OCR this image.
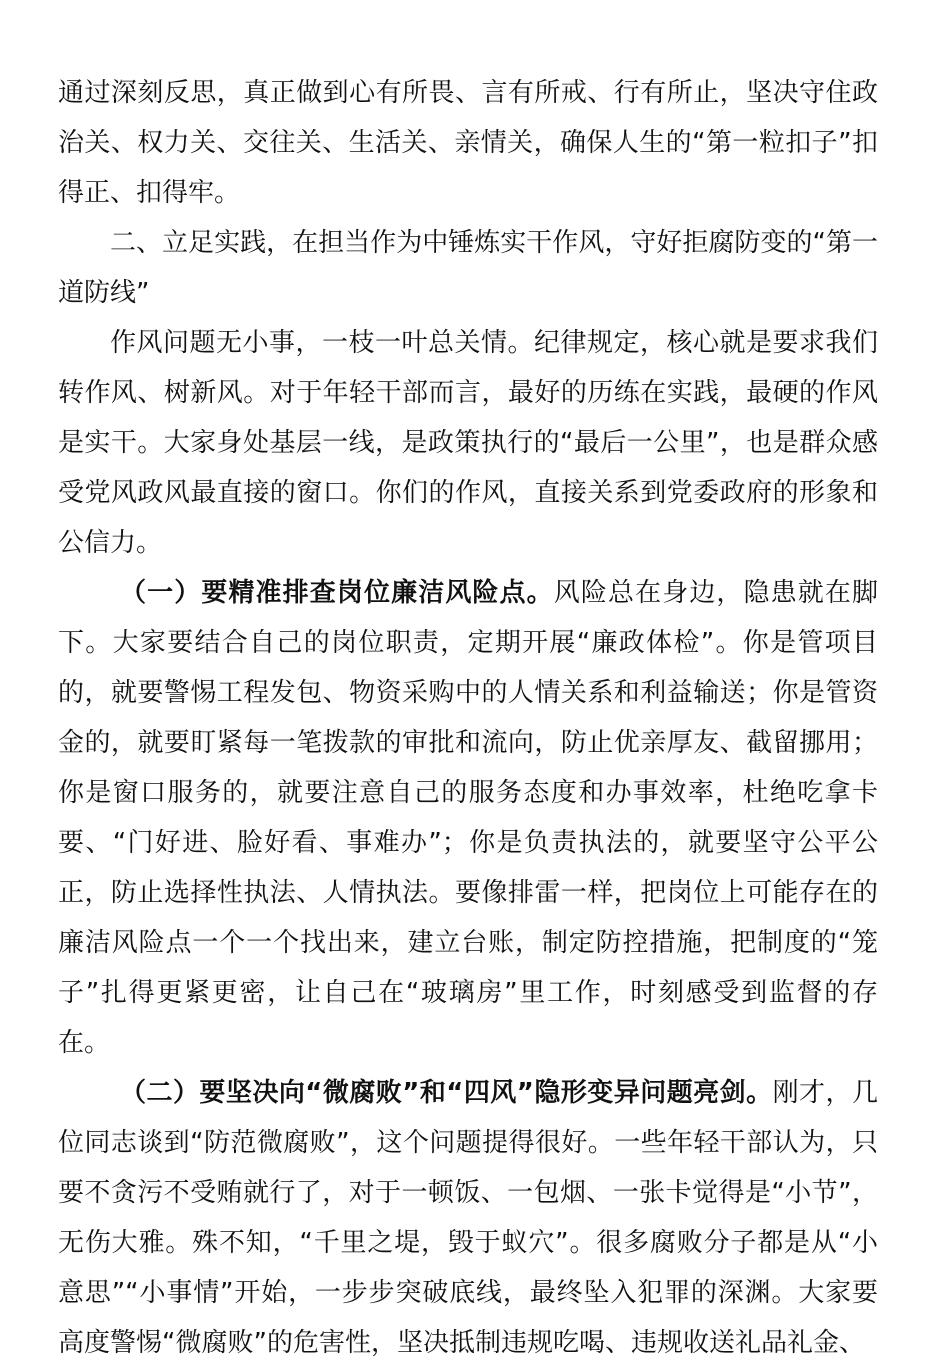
通过深刻反思，真正做到心有所畏、言有所戒、行有所止，坚决守住政治关、权力关、交往关、生活关、亲情关，确保人生的“第一粒扣子”扣得正、扣得牢。

二、立足实践，在担当作为中锤炼实干作风，守好拒腐防变的“第一道防线”

作风问题无小事，一枝一叶总关情。纪律规定，核心就是要求我们转作风、树新风。对于年轻干部而言，最好的历练在实践，最硬的作风是实干。大家身处基层一线，是政策执行的“最后一公里”，也是群众感受党风政风最直接的窗口。你们的作风，直接关系到党委政府的形象和公信力。

（一）要精准排查岗位廉洁风险点。风险总在身边，隐患就在脚下。大家要结合自己的岗位职责，定期开展“廉政体检”。你是管项目的，就要警惕工程发包、物资采购中的人情关系和利益输送；你是管资金的，就要盯紧每一笔拨款的审批和流向，防止优亲厚友、截留挪用；你是窗口服务的，就要注意自己的服务态度和办事效率，杜绝吃拿卡要、“门好进、脸好看、事难办”；你是负责执法的，就要坚守公平公正，防止选择性执法、人情执法。要像排雷一样，把岗位上可能存在的廉洁风险点一个一个找出来，建立台账，制定防控措施，把制度的“笼子”扎得更紧更密，让自己在“玻璃房”里工作，时刻感受到监督的存在。

（二）要坚决向“微腐败”和“四风”隐形变异问题亮剑。刚才，几位同志谈到“防范微腐败”，这个问题提得很好。一些年轻干部认为，只要不贪污不受贿就行了，对于一顿饭、一包烟、一张卡觉得是“小节”，无伤大雅。殊不知，“千里之堤，毁于蚁穴”。很多腐败分子都是从“小意思”“小事情”开始，一步步突破底线，最终坠入犯罪的深渊。大家要高度警惕“微腐败”的危害性，坚决抵制违规吃喝、违规收送礼品礼金、
